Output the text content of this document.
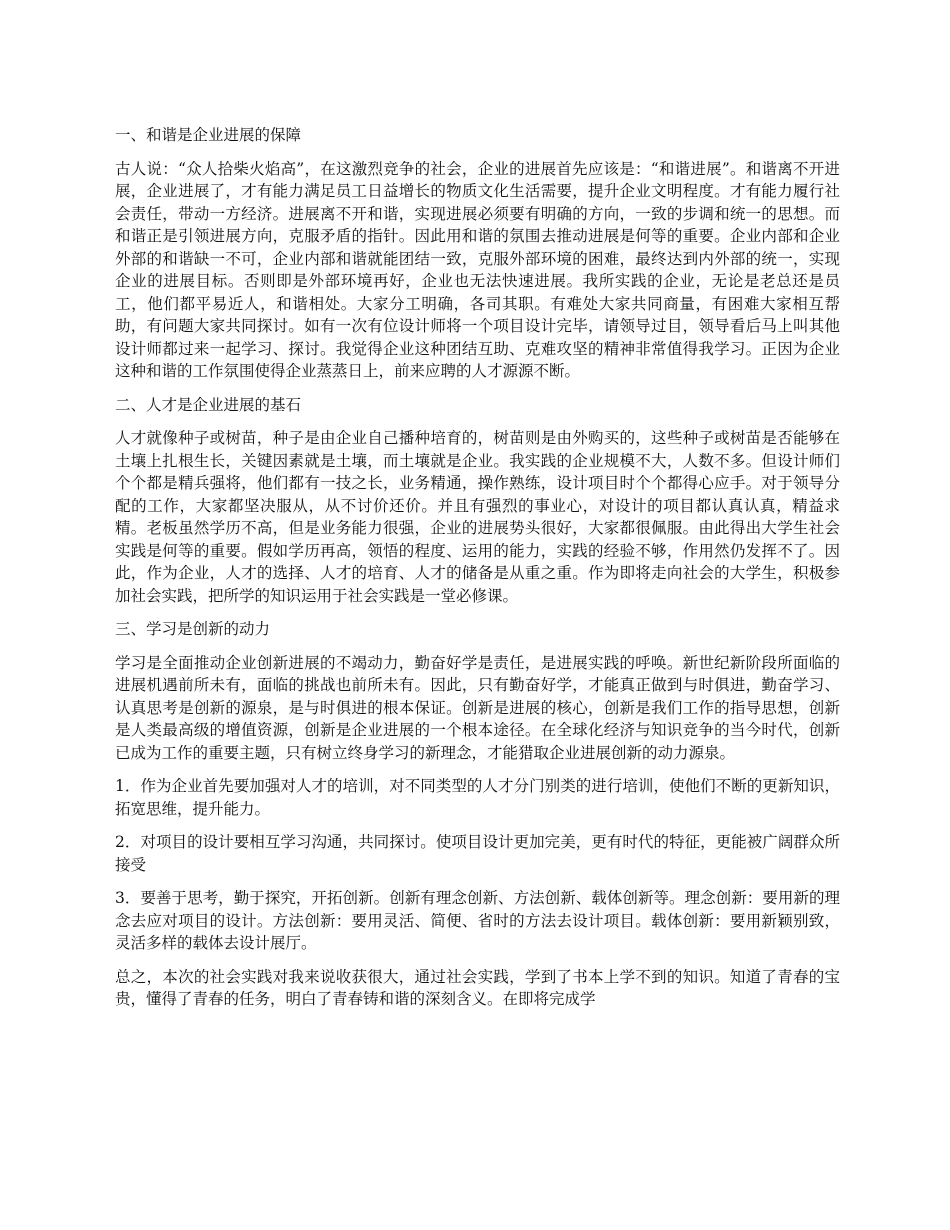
一、和谐是企业进展的保障

古人说：“众人拾柴火焰高”，在这激烈竞争的社会，企业的进展首先应该是：“和谐进展”。和谐离不开进展，企业进展了，才有能力满足员工日益增长的物质文化生活需要，提升企业文明程度。才有能力履行社会责任，带动一方经济。进展离不开和谐，实现进展必须要有明确的方向，一致的步调和统一的思想。而和谐正是引领进展方向，克服矛盾的指针。因此用和谐的氛围去推动进展是何等的重要。企业内部和企业外部的和谐缺一不可，企业内部和谐就能团结一致，克服外部环境的困难，最终达到内外部的统一，实现企业的进展目标。否则即是外部环境再好，企业也无法快速进展。我所实践的企业，无论是老总还是员工，他们都平易近人，和谐相处。大家分工明确，各司其职。有难处大家共同商量，有困难大家相互帮助，有问题大家共同探讨。如有一次有位设计师将一个项目设计完毕，请领导过目，领导看后马上叫其他设计师都过来一起学习、探讨。我觉得企业这种团结互助、克难攻坚的精神非常值得我学习。正因为企业这种和谐的工作氛围使得企业蒸蒸日上，前来应聘的人才源源不断。

二、人才是企业进展的基石

人才就像种子或树苗，种子是由企业自己播种培育的，树苗则是由外购买的，这些种子或树苗是否能够在土壤上扎根生长，关键因素就是土壤，而土壤就是企业。我实践的企业规模不大，人数不多。但设计师们个个都是精兵强将，他们都有一技之长，业务精通，操作熟练，设计项目时个个都得心应手。对于领导分配的工作，大家都坚决服从，从不讨价还价。并且有强烈的事业心，对设计的项目都认真认真，精益求精。老板虽然学历不高，但是业务能力很强，企业的进展势头很好，大家都很佩服。由此得出大学生社会实践是何等的重要。假如学历再高，领悟的程度、运用的能力，实践的经验不够，作用然仍发挥不了。因此，作为企业，人才的选择、人才的培育、人才的储备是从重之重。作为即将走向社会的大学生，积极参加社会实践，把所学的知识运用于社会实践是一堂必修课。

三、学习是创新的动力

学习是全面推动企业创新进展的不竭动力，勤奋好学是责任，是进展实践的呼唤。新世纪新阶段所面临的进展机遇前所未有，面临的挑战也前所未有。因此，只有勤奋好学，才能真正做到与时俱进，勤奋学习、认真思考是创新的源泉，是与时俱进的根本保证。创新是进展的核心，创新是我们工作的指导思想，创新是人类最高级的增值资源，创新是企业进展的一个根本途径。在全球化经济与知识竞争的当今时代，创新已成为工作的重要主题，只有树立终身学习的新理念，才能猎取企业进展创新的动力源泉。

1．作为企业首先要加强对人才的培训，对不同类型的人才分门别类的进行培训，使他们不断的更新知识，拓宽思维，提升能力。

2．对项目的设计要相互学习沟通，共同探讨。使项目设计更加完美，更有时代的特征，更能被广阔群众所接受

3．要善于思考，勤于探究，开拓创新。创新有理念创新、方法创新、载体创新等。理念创新：要用新的理念去应对项目的设计。方法创新：要用灵活、简便、省时的方法去设计项目。载体创新：要用新颖别致，灵活多样的载体去设计展厅。

总之，本次的社会实践对我来说收获很大，通过社会实践，学到了书本上学不到的知识。知道了青春的宝贵，懂得了青春的任务，明白了青春铸和谐的深刻含义。在即将完成学
